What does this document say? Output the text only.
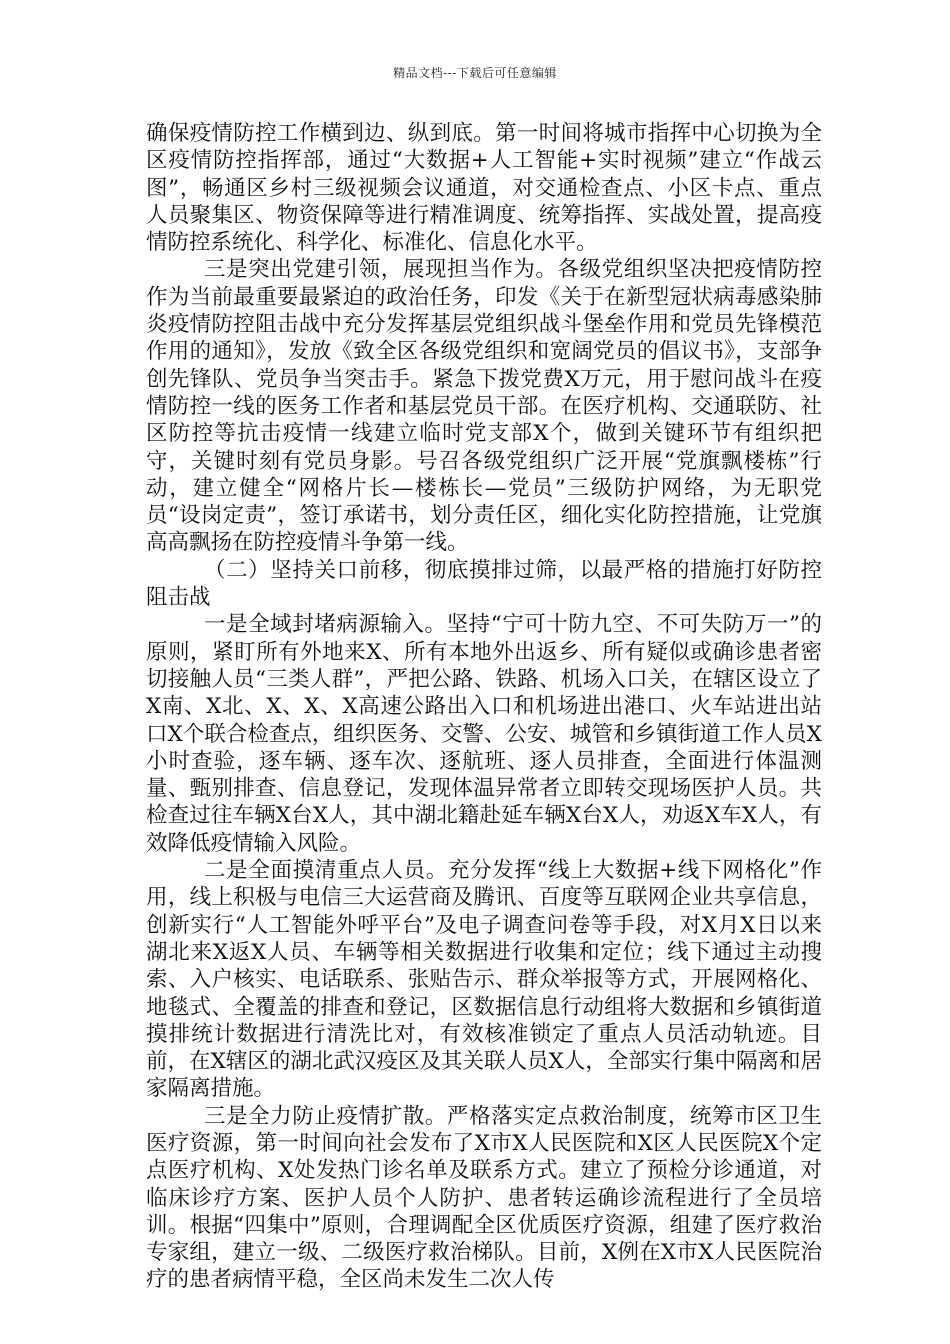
精品文档---下载后可任意编辑

确保疫情防控工作横到边、纵到底。第一时间将城市指挥中心切换为全区疫情防控指挥部，通过“大数据+人工智能+实时视频”建立“作战云图”，畅通区乡村三级视频会议通道，对交通检查点、小区卡点、重点人员聚集区、物资保障等进行精准调度、统筹指挥、实战处置，提高疫情防控系统化、科学化、标准化、信息化水平。

三是突出党建引领，展现担当作为。各级党组织坚决把疫情防控作为当前最重要最紧迫的政治任务，印发《关于在新型冠状病毒感染肺炎疫情防控阻击战中充分发挥基层党组织战斗堡垒作用和党员先锋模范作用的通知》，发放《致全区各级党组织和宽阔党员的倡议书》，支部争创先锋队、党员争当突击手。紧急下拨党费X万元，用于慰问战斗在疫情防控一线的医务工作者和基层党员干部。在医疗机构、交通联防、社区防控等抗击疫情一线建立临时党支部X个，做到关键环节有组织把守，关键时刻有党员身影。号召各级党组织广泛开展“党旗飘楼栋”行动，建立健全“网格片长—楼栋长—党员”三级防护网络，为无职党员“设岗定责”，签订承诺书，划分责任区，细化实化防控措施，让党旗高高飘扬在防控疫情斗争第一线。

（二）坚持关口前移，彻底摸排过筛，以最严格的措施打好防控阻击战

一是全域封堵病源输入。坚持“宁可十防九空、不可失防万一”的原则，紧盯所有外地来X、所有本地外出返乡、所有疑似或确诊患者密切接触人员“三类人群”，严把公路、铁路、机场入口关，在辖区设立了X南、X北、X、X、X高速公路出入口和机场进出港口、火车站进出站口X个联合检查点，组织医务、交警、公安、城管和乡镇街道工作人员X小时查验，逐车辆、逐车次、逐航班、逐人员排查，全面进行体温测量、甄别排查、信息登记，发现体温异常者立即转交现场医护人员。共检查过往车辆X台X人，其中湖北籍赴延车辆X台X人，劝返X车X人，有效降低疫情输入风险。

二是全面摸清重点人员。充分发挥“线上大数据+线下网格化”作用，线上积极与电信三大运营商及腾讯、百度等互联网企业共享信息，创新实行“人工智能外呼平台”及电子调查问卷等手段，对X月X日以来湖北来X返X人员、车辆等相关数据进行收集和定位；线下通过主动搜索、入户核实、电话联系、张贴告示、群众举报等方式，开展网格化、地毯式、全覆盖的排查和登记，区数据信息行动组将大数据和乡镇街道摸排统计数据进行清洗比对，有效核准锁定了重点人员活动轨迹。目前，在X辖区的湖北武汉疫区及其关联人员X人，全部实行集中隔离和居家隔离措施。

三是全力防止疫情扩散。严格落实定点救治制度，统筹市区卫生医疗资源，第一时间向社会发布了X市X人民医院和X区人民医院X个定点医疗机构、X处发热门诊名单及联系方式。建立了预检分诊通道，对临床诊疗方案、医护人员个人防护、患者转运确诊流程进行了全员培训。根据“四集中”原则，合理调配全区优质医疗资源，组建了医疗救治专家组，建立一级、二级医疗救治梯队。目前，X例在X市X人民医院治疗的患者病情平稳，全区尚未发生二次人传
